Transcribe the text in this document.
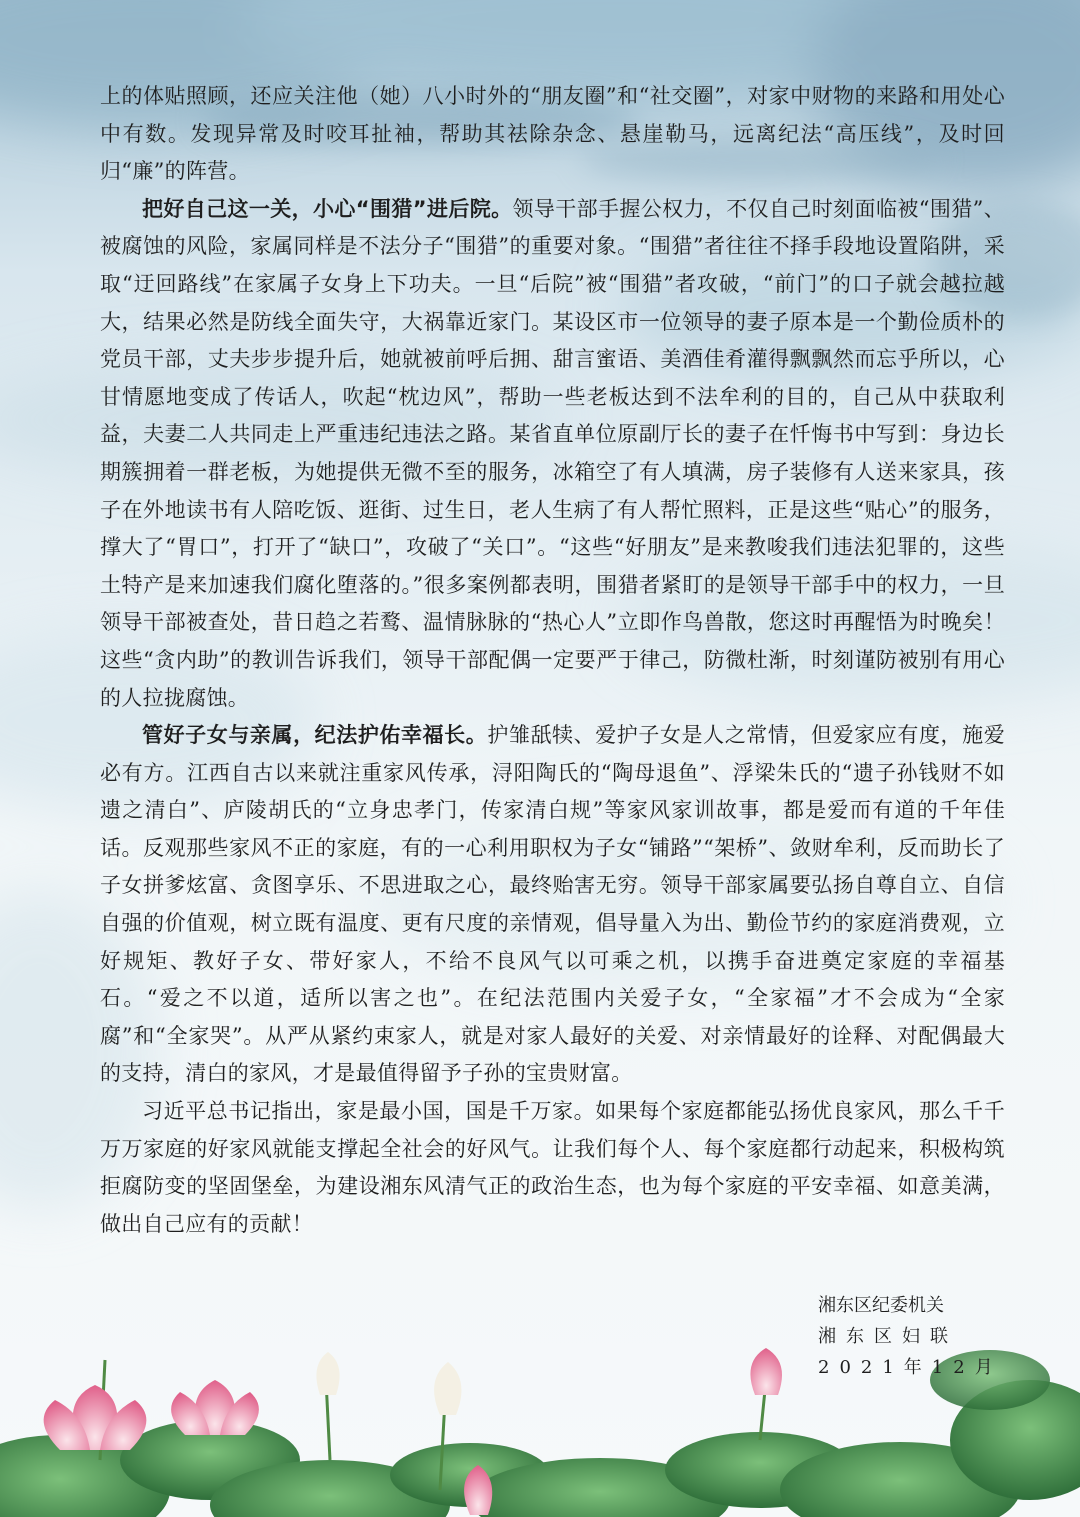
上的体贴照顾，还应关注他（她）八小时外的“朋友圈”和“社交圈”，对家中财物的来路和用处心中有数。发现异常及时咬耳扯袖，帮助其祛除杂念、悬崖勒马，远离纪法“高压线”，及时回归“廉”的阵营。

把好自己这一关，小心“围猎”进后院。领导干部手握公权力，不仅自己时刻面临被“围猎”、被腐蚀的风险，家属同样是不法分子“围猎”的重要对象。“围猎”者往往不择手段地设置陷阱，采取“迂回路线”在家属子女身上下功夫。一旦“后院”被“围猎”者攻破，“前门”的口子就会越拉越大，结果必然是防线全面失守，大祸靠近家门。某设区市一位领导的妻子原本是一个勤俭质朴的党员干部，丈夫步步提升后，她就被前呼后拥、甜言蜜语、美酒佳肴灌得飘飘然而忘乎所以，心甘情愿地变成了传话人，吹起“枕边风”，帮助一些老板达到不法牟利的目的，自己从中获取利益，夫妻二人共同走上严重违纪违法之路。某省直单位原副厅长的妻子在忏悔书中写到：身边长期簇拥着一群老板，为她提供无微不至的服务，冰箱空了有人填满，房子装修有人送来家具，孩子在外地读书有人陪吃饭、逛街、过生日，老人生病了有人帮忙照料，正是这些“贴心”的服务，撑大了“胃口”，打开了“缺口”，攻破了“关口”。“这些“好朋友”是来教唆我们违法犯罪的，这些土特产是来加速我们腐化堕落的。”很多案例都表明，围猎者紧盯的是领导干部手中的权力，一旦领导干部被查处，昔日趋之若鹜、温情脉脉的“热心人”立即作鸟兽散，您这时再醒悟为时晚矣！这些“贪内助”的教训告诉我们，领导干部配偶一定要严于律己，防微杜渐，时刻谨防被别有用心的人拉拢腐蚀。

管好子女与亲属，纪法护佑幸福长。护雏舐犊、爱护子女是人之常情，但爱家应有度，施爱必有方。江西自古以来就注重家风传承，浔阳陶氏的“陶母退鱼”、浮梁朱氏的“遗子孙钱财不如遗之清白”、庐陵胡氏的“立身忠孝门，传家清白规”等家风家训故事，都是爱而有道的千年佳话。反观那些家风不正的家庭，有的一心利用职权为子女“铺路”“架桥”、敛财牟利，反而助长了子女拼爹炫富、贪图享乐、不思进取之心，最终贻害无穷。领导干部家属要弘扬自尊自立、自信自强的价值观，树立既有温度、更有尺度的亲情观，倡导量入为出、勤俭节约的家庭消费观，立好规矩、教好子女、带好家人，不给不良风气以可乘之机，以携手奋进奠定家庭的幸福基石。“爱之不以道，适所以害之也”。在纪法范围内关爱子女，“全家福”才不会成为“全家腐”和“全家哭”。从严从紧约束家人，就是对家人最好的关爱、对亲情最好的诠释、对配偶最大的支持，清白的家风，才是最值得留予子孙的宝贵财富。

习近平总书记指出，家是最小国，国是千万家。如果每个家庭都能弘扬优良家风，那么千千万万家庭的好家风就能支撑起全社会的好风气。让我们每个人、每个家庭都行动起来，积极构筑拒腐防变的坚固堡垒，为建设湘东风清气正的政治生态，也为每个家庭的平安幸福、如意美满，做出自己应有的贡献！

湘东区纪委机关
湘东区妇联
2021年12月
